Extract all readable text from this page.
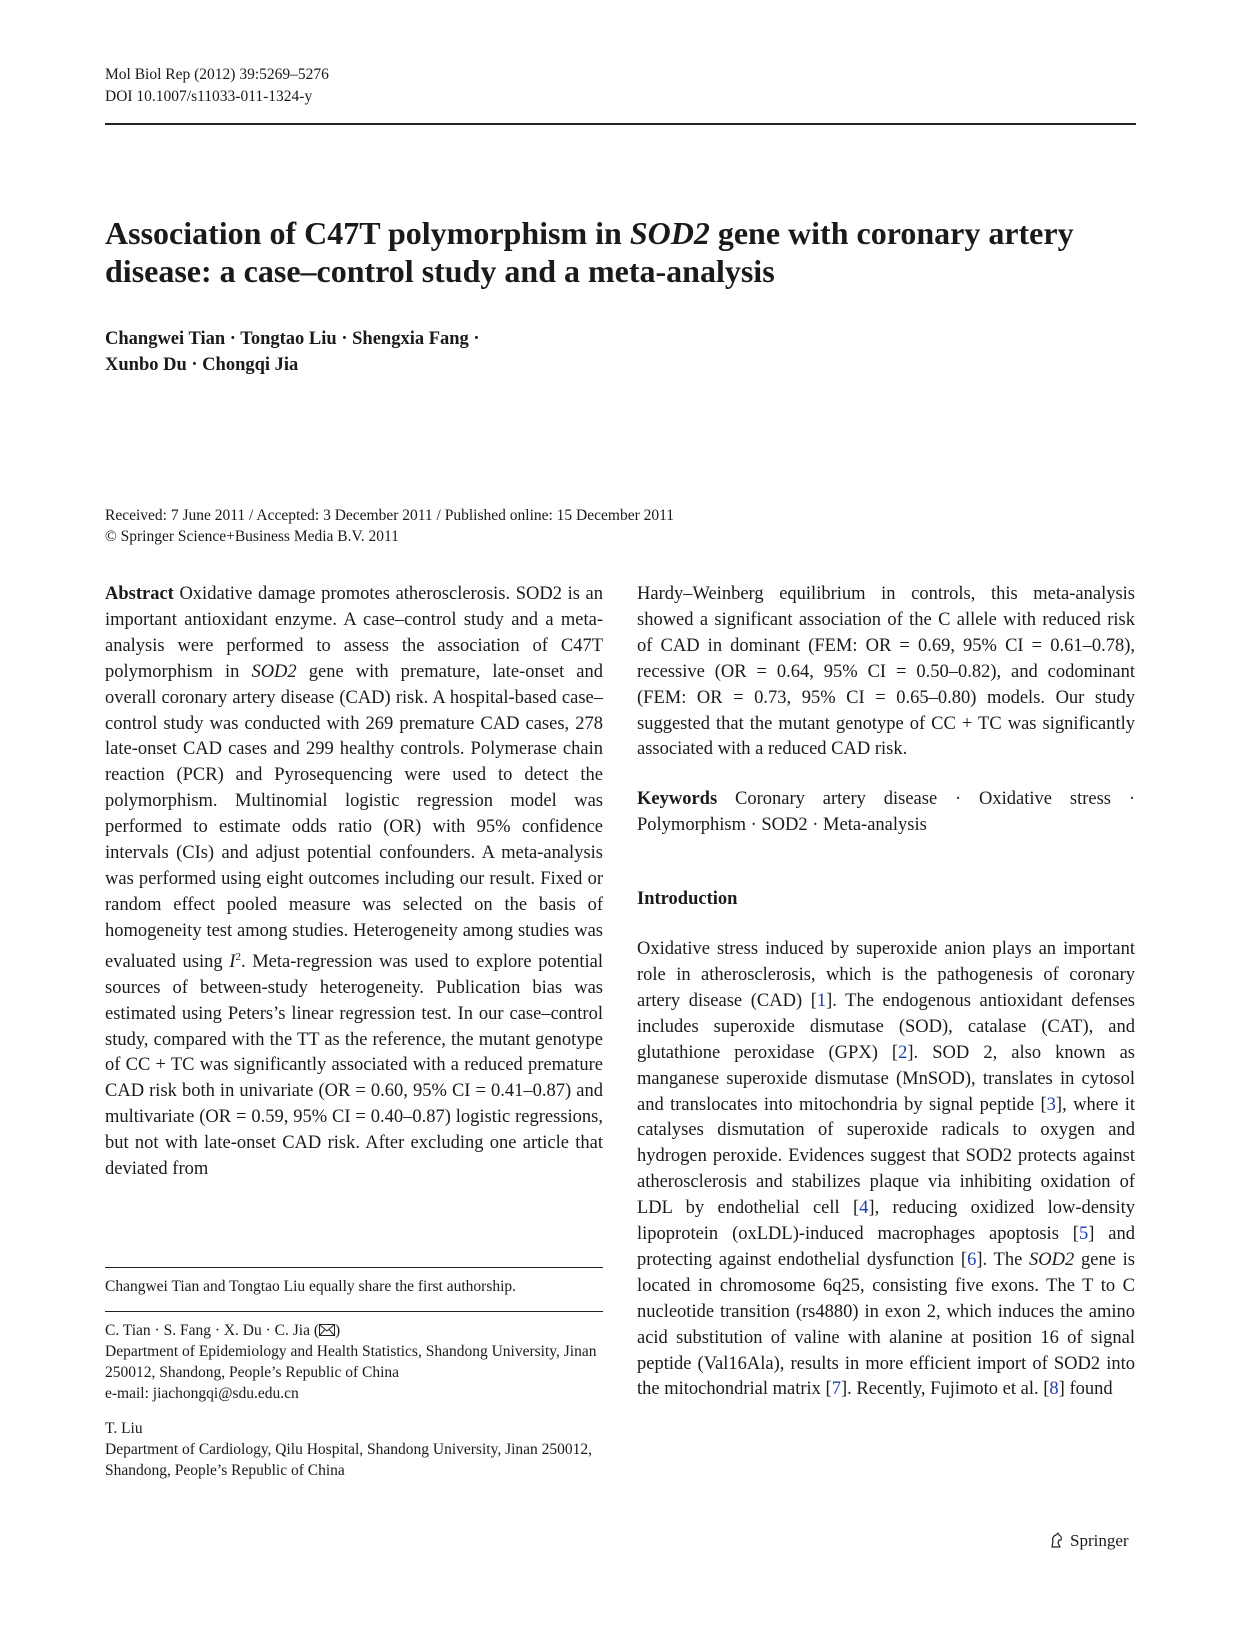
Mol Biol Rep (2012) 39:5269–5276
DOI 10.1007/s11033-011-1324-y
Association of C47T polymorphism in SOD2 gene with coronary artery disease: a case–control study and a meta-analysis
Changwei Tian · Tongtao Liu · Shengxia Fang ·
Xunbo Du · Chongqi Jia
Received: 7 June 2011 / Accepted: 3 December 2011 / Published online: 15 December 2011
© Springer Science+Business Media B.V. 2011

Abstract Oxidative damage promotes atherosclerosis. SOD2 is an important antioxidant enzyme. A case–control study and a meta-analysis were performed to assess the association of C47T polymorphism in SOD2 gene with premature, late-onset and overall coronary artery disease (CAD) risk. A hospital-based case–control study was conducted with 269 premature CAD cases, 278 late-onset CAD cases and 299 healthy controls. Polymerase chain reaction (PCR) and Pyrosequencing were used to detect the polymorphism. Multinomial logistic regression model was performed to estimate odds ratio (OR) with 95% confidence intervals (CIs) and adjust potential confounders. A meta-analysis was performed using eight outcomes including our result. Fixed or random effect pooled measure was selected on the basis of homogeneity test among studies. Heterogeneity among studies was evaluated using $I^2$. Meta-regression was used to explore potential sources of between-study heterogeneity. Publication bias was estimated using Peters’s linear regression test. In our case–control study, compared with the TT as the reference, the mutant genotype of CC + TC was significantly associated with a reduced premature CAD risk both in univariate (OR = 0.60, 95% CI = 0.41–0.87) and multivariate (OR = 0.59, 95% CI = 0.40–0.87) logistic regressions, but not with late-onset CAD risk. After excluding one article that deviated from

Changwei Tian and Tongtao Liu equally share the first authorship.

C. Tian · S. Fang · X. Du · C. Jia ( )
Department of Epidemiology and Health Statistics, Shandong University, Jinan 250012, Shandong, People’s Republic of China
e-mail: jiachongqi@sdu.edu.cn

T. Liu
Department of Cardiology, Qilu Hospital, Shandong University, Jinan 250012, Shandong, People’s Republic of China

Hardy–Weinberg equilibrium in controls, this meta-analysis showed a significant association of the C allele with reduced risk of CAD in dominant (FEM: OR = 0.69, 95% CI = 0.61–0.78), recessive (OR = 0.64, 95% CI = 0.50–0.82), and codominant (FEM: OR = 0.73, 95% CI = 0.65–0.80) models. Our study suggested that the mutant genotype of CC + TC was significantly associated with a reduced CAD risk.

Keywords Coronary artery disease · Oxidative stress · Polymorphism · SOD2 · Meta-analysis

Introduction

Oxidative stress induced by superoxide anion plays an important role in atherosclerosis, which is the pathogenesis of coronary artery disease (CAD) [1]. The endogenous antioxidant defenses includes superoxide dismutase (SOD), catalase (CAT), and glutathione peroxidase (GPX) [2]. SOD 2, also known as manganese superoxide dismutase (MnSOD), translates in cytosol and translocates into mitochondria by signal peptide [3], where it catalyses dismutation of superoxide radicals to oxygen and hydrogen peroxide. Evidences suggest that SOD2 protects against atherosclerosis and stabilizes plaque via inhibiting oxidation of LDL by endothelial cell [4], reducing oxidized low-density lipoprotein (oxLDL)-induced macrophages apoptosis [5] and protecting against endothelial dysfunction [6]. The SOD2 gene is located in chromosome 6q25, consisting five exons. The T to C nucleotide transition (rs4880) in exon 2, which induces the amino acid substitution of valine with alanine at position 16 of signal peptide (Val16Ala), results in more efficient import of SOD2 into the mitochondrial matrix [7]. Recently, Fujimoto et al. [8] found

Springer
